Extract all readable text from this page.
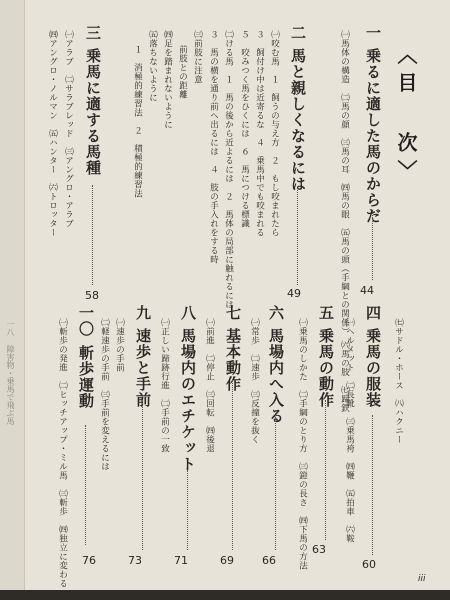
一八
障害物・乗馬で飛ぶ馬
〈目 次〉
一
乗るに適した馬のからだ
44
㈠馬体の構造　㈡馬の顔　㈢馬の耳　㈣馬の眼　㈤馬の頭（手綱との関係）　㈥馬の肢　㈦蹄鉄
二
馬と親しくなるには
49
㈠咬む馬　１　飼うの与え方　２　もし咬まれたら
３　飼付け中は近寄るな　４　乗馬中でも咬まれる
５　咬みつく馬をひくには　６　馬につける標識
㈡ける馬　１　馬の後から近よるには　２　馬体の局部に触れるには
３　馬の横を通り前へ出るには　４　肢の手入れをする時
㈢前肢に注意
前肢との距離
㈣足を踏まれないように
㈤落ちないように
１　消極的練習法　２　積極的練習法
三
乗馬に適する馬種
58
㈠アラブ　㈡サラブレッド　㈢アングロ・アラブ
㈣アングロ・ノルマン　㈤ハンター　㈥トロッター
四
乗馬の服装
60
㈠ヘルメット　㈡長靴　㈢乗馬袴　㈣鞭　㈤拍車　㈥鞍	㈦サドル・ホース　㈧ハクニー
五
乗馬の動作
63
㈠乗馬のしかた　㈡手綱のとり方　㈢鐙の長さ　㈣下馬の方法
六
馬場内へ入る
66
㈠常歩　㈡速歩　㈢反撞を抜く
七
基本動作
69
㈠前進　㈡停止　㈢回転　㈣後退
八
馬場内のエチケット
71
㈠正しい蹄跡行進　㈡手前の一致
九
速歩と手前
73
㈠速歩の手前
㈡軽速歩の手前　㈢手前を変えるには
一〇
斬歩運動
76
㈠斬歩の発進　㈡ヒッチアップ・ミル馬　㈢斬歩　㈣独立に変わる	iii
